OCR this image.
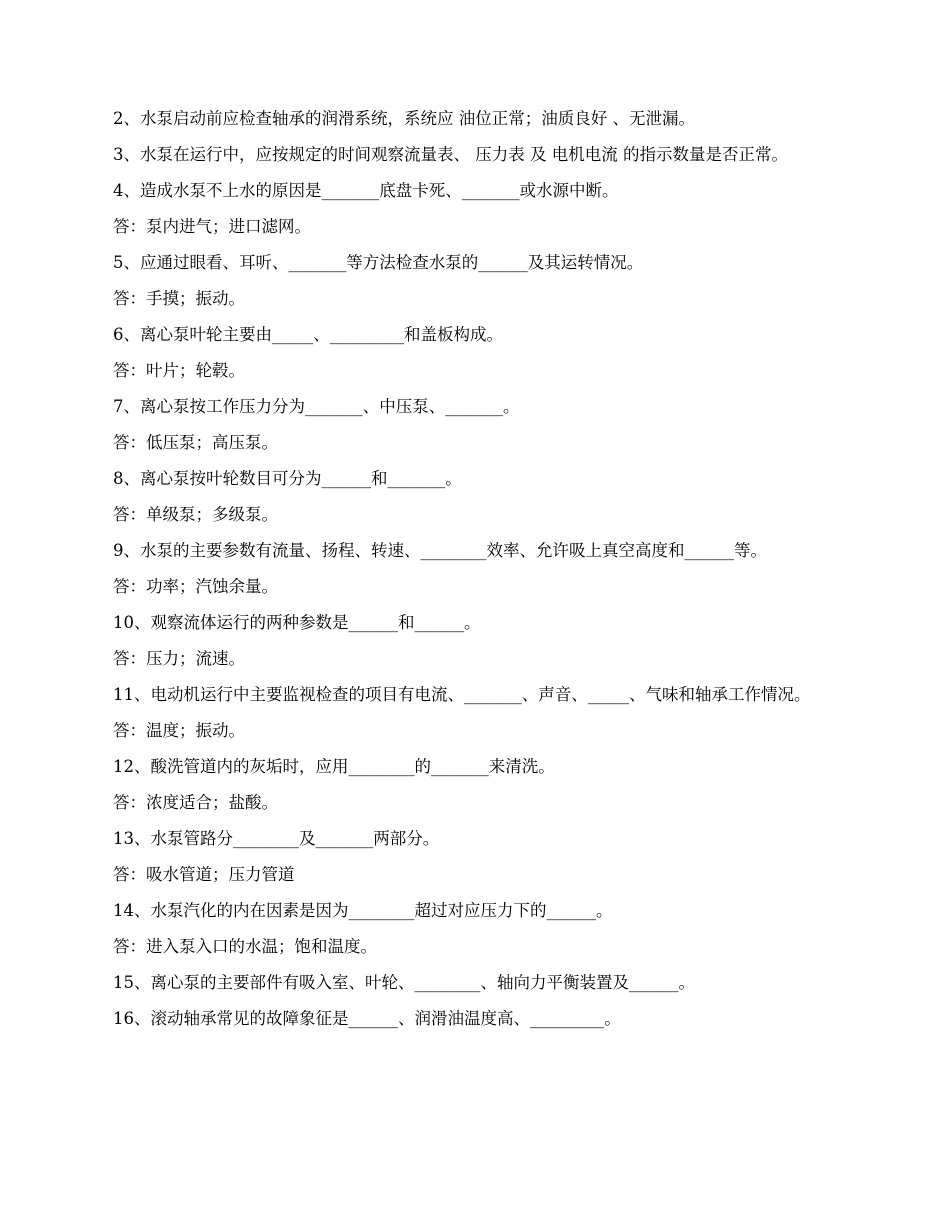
2、水泵启动前应检查轴承的润滑系统，系统应 油位正常；油质良好 、无泄漏。

3、水泵在运行中，应按规定的时间观察流量表、 压力表 及 电机电流 的指示数量是否正常。

4、造成水泵不上水的原因是_______底盘卡死、_______或水源中断。

答：泵内进气；进口滤网。

5、应通过眼看、耳听、_______等方法检查水泵的______及其运转情况。

答：手摸；振动。

6、离心泵叶轮主要由_____、_________和盖板构成。

答：叶片；轮毂。

7、离心泵按工作压力分为_______、中压泵、_______。

答：低压泵；高压泵。

8、离心泵按叶轮数目可分为______和_______。

答：单级泵；多级泵。

9、水泵的主要参数有流量、扬程、转速、________效率、允许吸上真空高度和______等。

答：功率；汽蚀余量。

10、观察流体运行的两种参数是______和______。

答：压力；流速。

11、电动机运行中主要监视检查的项目有电流、_______、声音、_____、气味和轴承工作情况。

答：温度；振动。

12、酸洗管道内的灰垢时，应用________的_______来清洗。

答：浓度适合；盐酸。

13、水泵管路分________及_______两部分。

答：吸水管道；压力管道

14、水泵汽化的内在因素是因为________超过对应压力下的______。

答：进入泵入口的水温；饱和温度。

15、离心泵的主要部件有吸入室、叶轮、________、轴向力平衡装置及______。

16、滚动轴承常见的故障象征是______、润滑油温度高、_________。
